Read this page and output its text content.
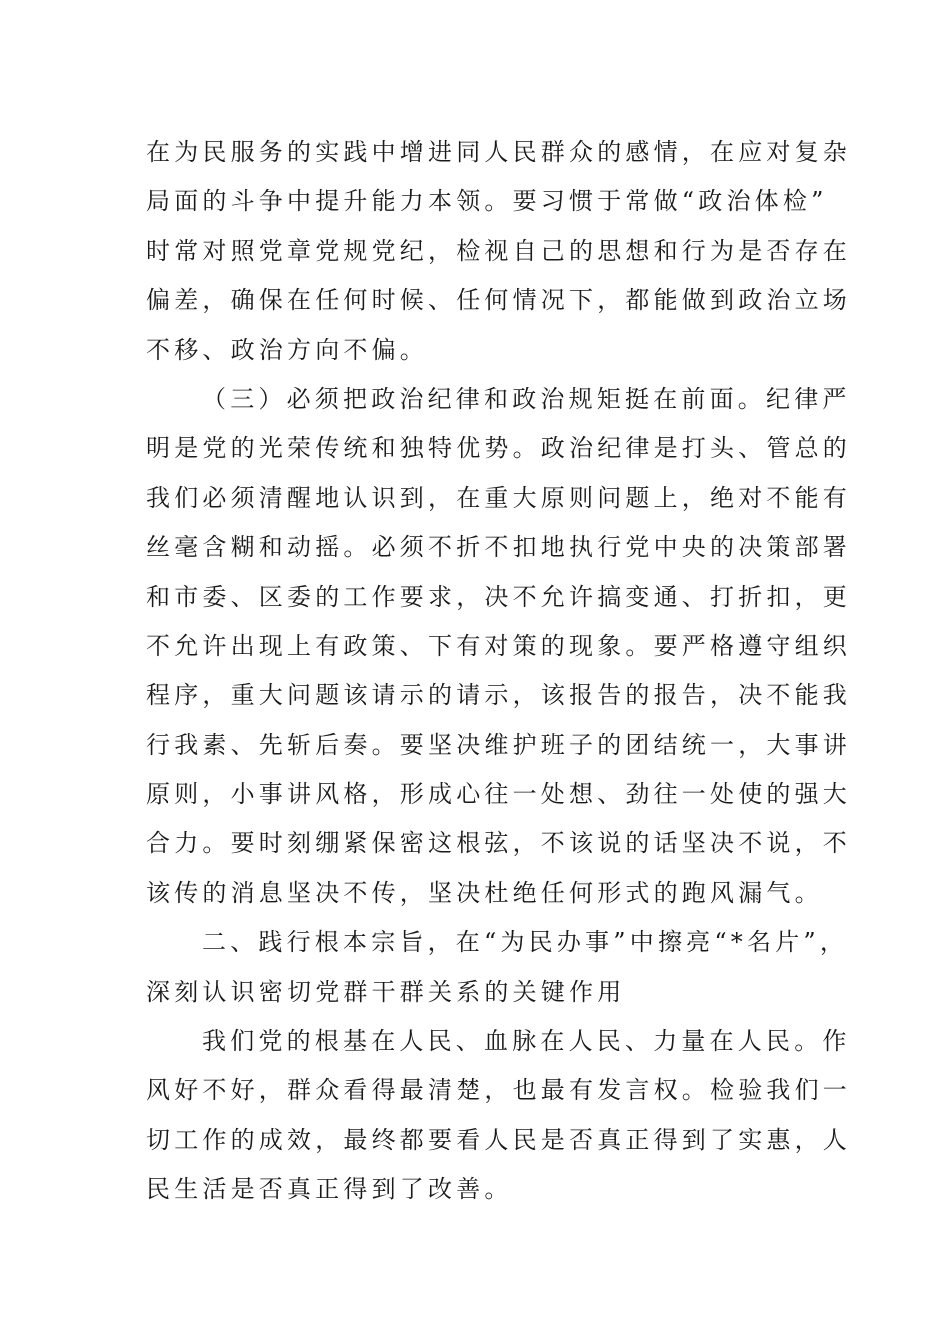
在为民服务的实践中增进同人民群众的感情，在应对复杂
局面的斗争中提升能力本领。要习惯于常做“政治体检”
时常对照党章党规党纪，检视自己的思想和行为是否存在
偏差，确保在任何时候、任何情况下，都能做到政治立场
不移、政治方向不偏。
（三）必须把政治纪律和政治规矩挺在前面。纪律严
明是党的光荣传统和独特优势。政治纪律是打头、管总的
我们必须清醒地认识到，在重大原则问题上，绝对不能有
丝毫含糊和动摇。必须不折不扣地执行党中央的决策部署
和市委、区委的工作要求，决不允许搞变通、打折扣，更
不允许出现上有政策、下有对策的现象。要严格遵守组织
程序，重大问题该请示的请示，该报告的报告，决不能我
行我素、先斩后奏。要坚决维护班子的团结统一，大事讲
原则，小事讲风格，形成心往一处想、劲往一处使的强大
合力。要时刻绷紧保密这根弦，不该说的话坚决不说，不
该传的消息坚决不传，坚决杜绝任何形式的跑风漏气。
二、践行根本宗旨，在“为民办事”中擦亮“*名片”，
深刻认识密切党群干群关系的关键作用
我们党的根基在人民、血脉在人民、力量在人民。作
风好不好，群众看得最清楚，也最有发言权。检验我们一
切工作的成效，最终都要看人民是否真正得到了实惠，人
民生活是否真正得到了改善。
